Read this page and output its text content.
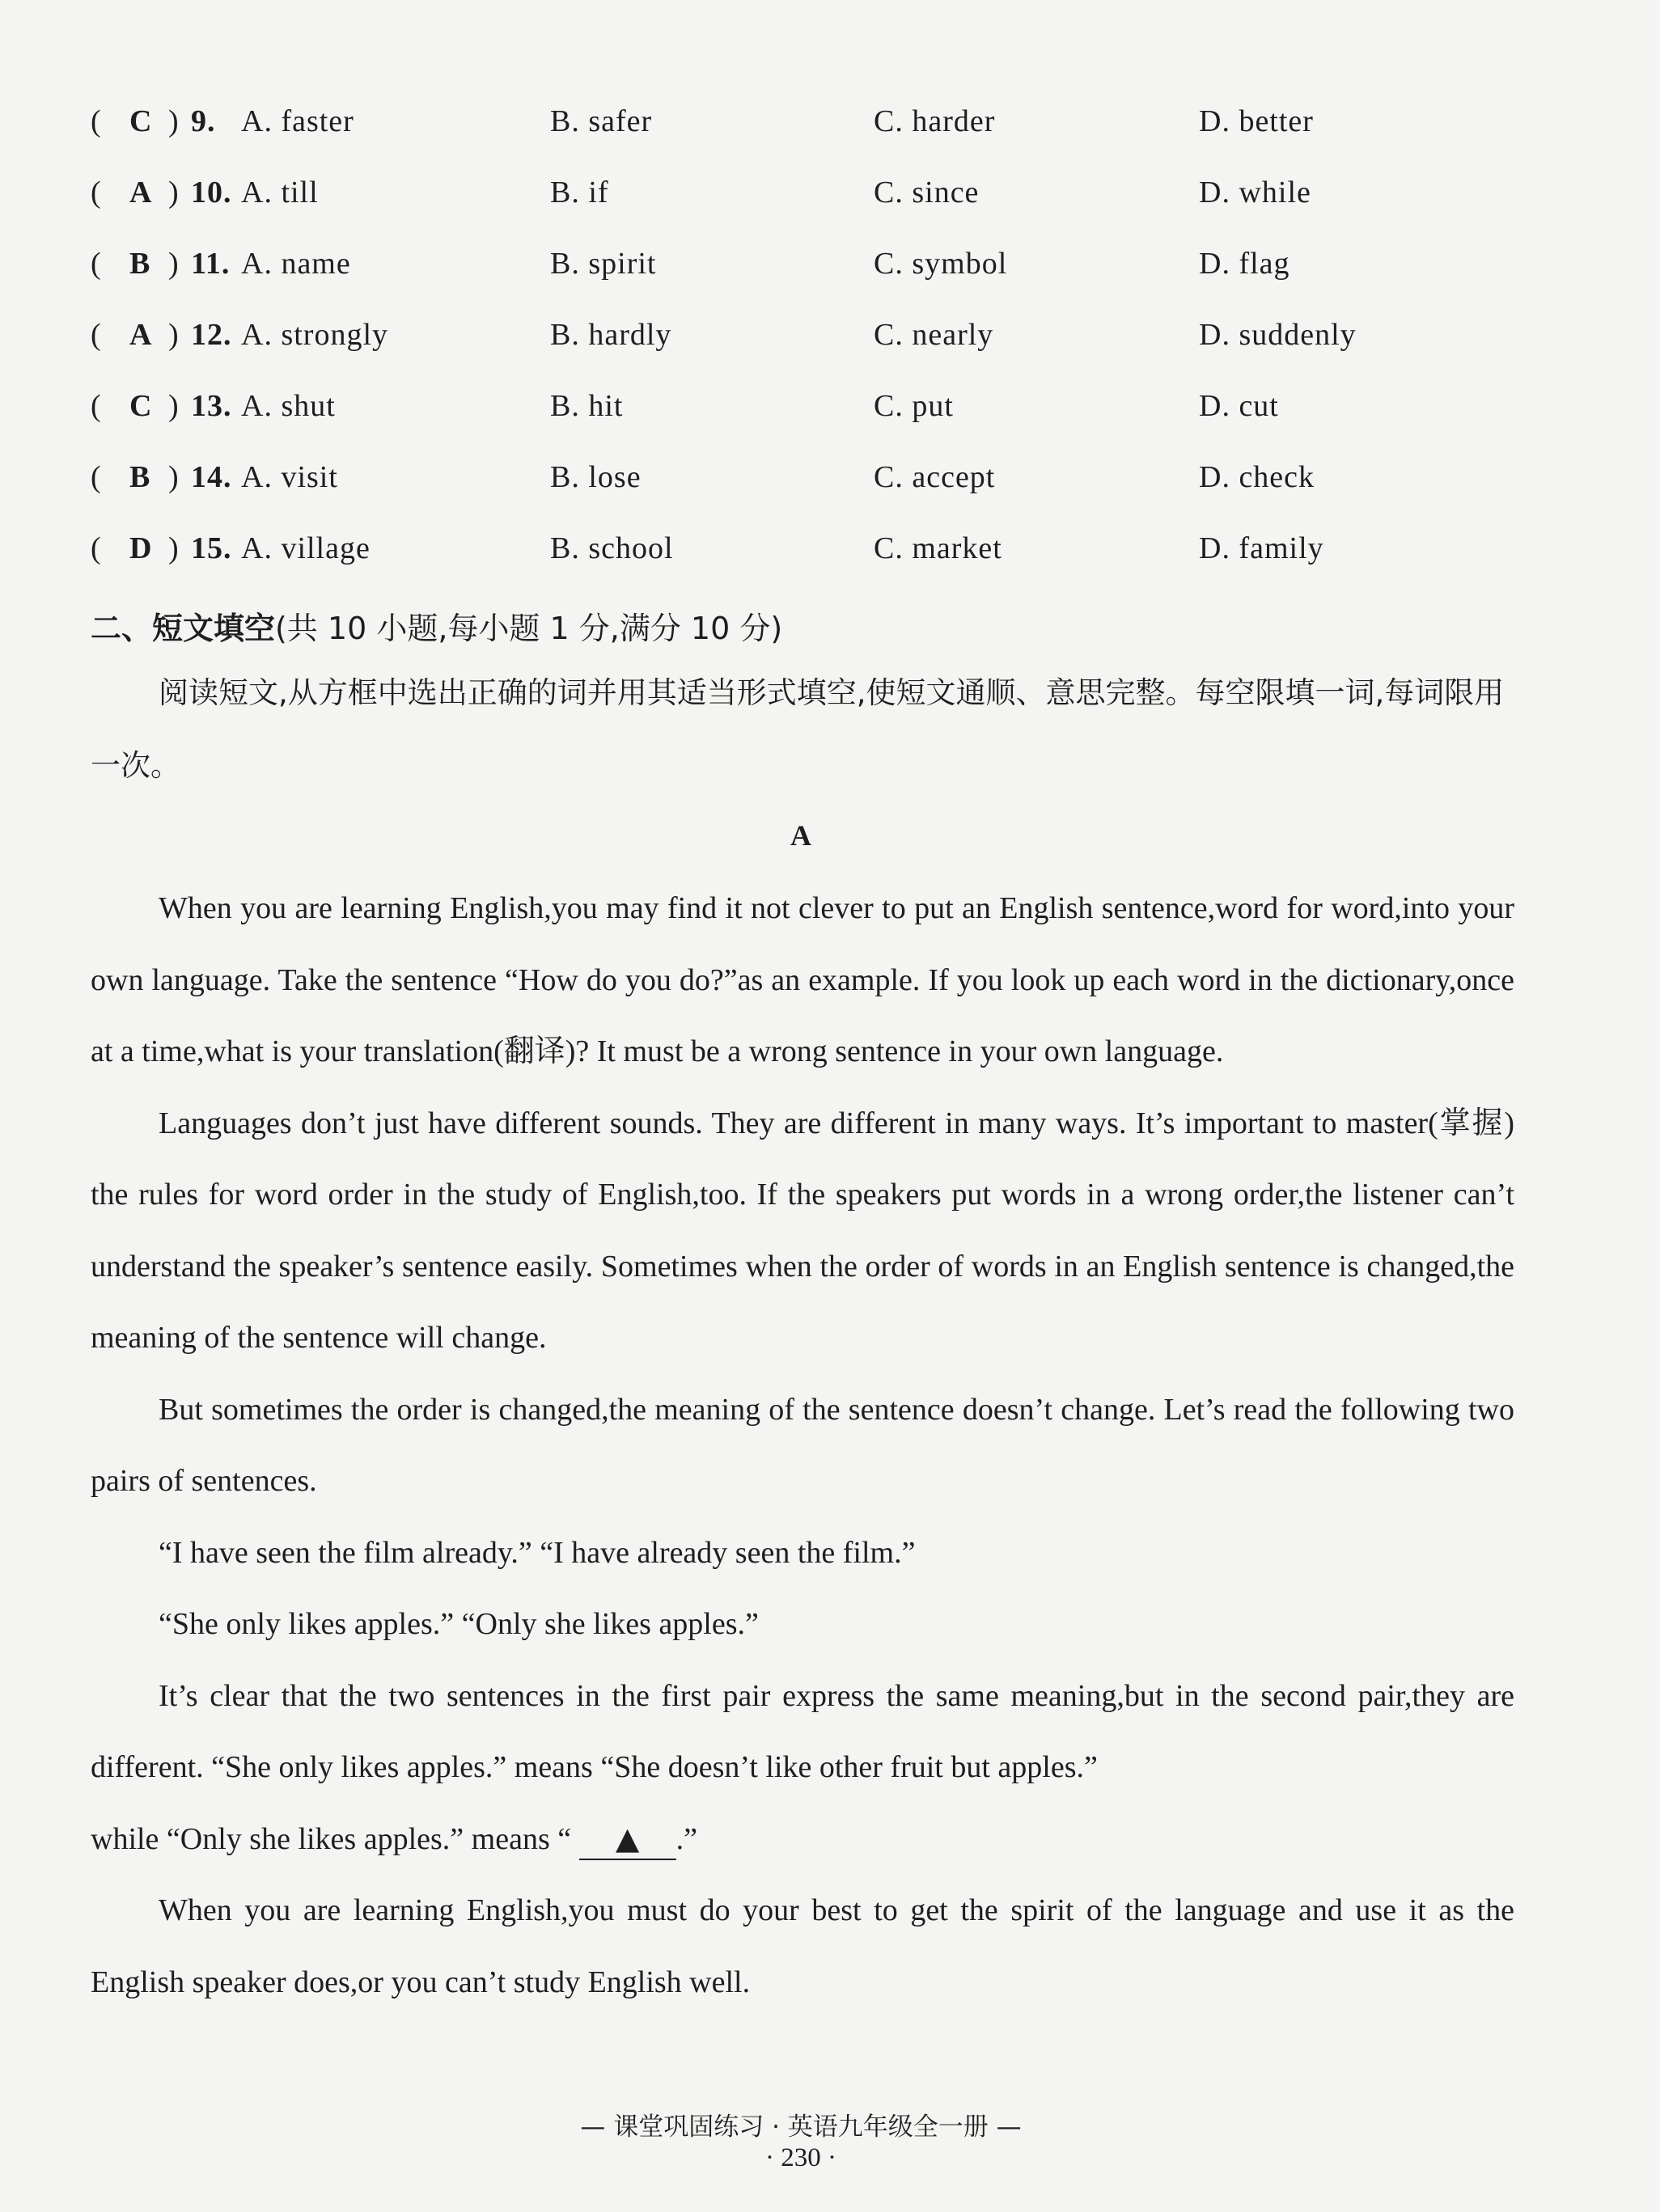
( C ) 9. A. faster	B. safer	C. harder	D. better
( A ) 10. A. till	B. if	C. since	D. while
( B ) 11. A. name	B. spirit	C. symbol	D. flag
( A ) 12. A. strongly	B. hardly	C. nearly	D. suddenly
( C ) 13. A. shut	B. hit	C. put	D. cut
( B ) 14. A. visit	B. lose	C. accept	D. check
( D ) 15. A. village	B. school	C. market	D. family
二、短文填空(共 10 小题,每小题 1 分,满分 10 分)

阅读短文,从方框中选出正确的词并用其适当形式填空,使短文通顺、意思完整。每空限填一词,每词限用一次。

A

When you are learning English,you may find it not clever to put an English sentence,word for word,into your own language. Take the sentence “How do you do?”as an example. If you look up each word in the dictionary,once at a time,what is your translation(翻译)? It must be a wrong sentence in your own language.

Languages don’t just have different sounds. They are different in many ways. It’s important to master(掌握) the rules for word order in the study of English,too. If the speakers put words in a wrong order,the listener can’t understand the speaker’s sentence easily. Sometimes when the order of words in an English sentence is changed,the meaning of the sentence will change.

But sometimes the order is changed,the meaning of the sentence doesn’t change. Let’s read the following two pairs of sentences.

“I have seen the film already.” “I have already seen the film.”

“She only likes apples.” “Only she likes apples.”

It’s clear that the two sentences in the first pair express the same meaning,but in the second pair,they are different. “She only likes apples.” means “She doesn’t like other fruit but apples.”

while “Only she likes apples.” means “ ▲ .”

When you are learning English,you must do your best to get the spirit of the language and use it as the English speaker does,or you can’t study English well.

— 课堂巩固练习 · 英语九年级全一册 —
· 230 ·
